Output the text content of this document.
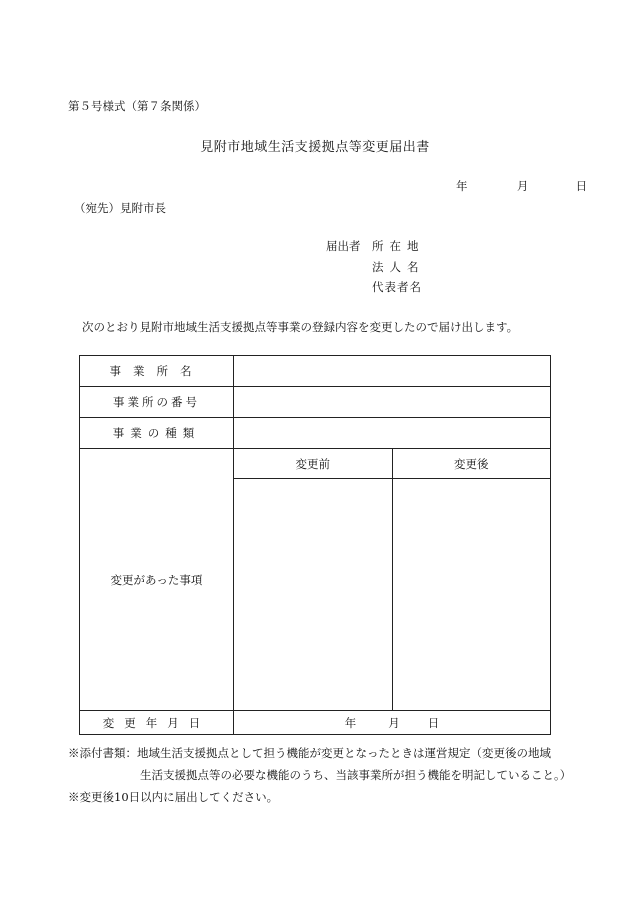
第５号様式（第７条関係）
見附市地域生活支援拠点等変更届出書
年	月	日
（宛先）見附市長
届出者 所在地
法人名
代表者名
次のとおり見附市地域生活支援拠点等事業の登録内容を変更したので届け出します。
事業所名		
事業所の番号		
事業の種類		
変更があった事項	変更前	変更後

変更年月日	年 月 日	
※添付書類：地域生活支援拠点として担う機能が変更となったときは運営規定（変更後の地域
生活支援拠点等の必要な機能のうち、当該事業所が担う機能を明記していること。）
※変更後10日以内に届出してください。
